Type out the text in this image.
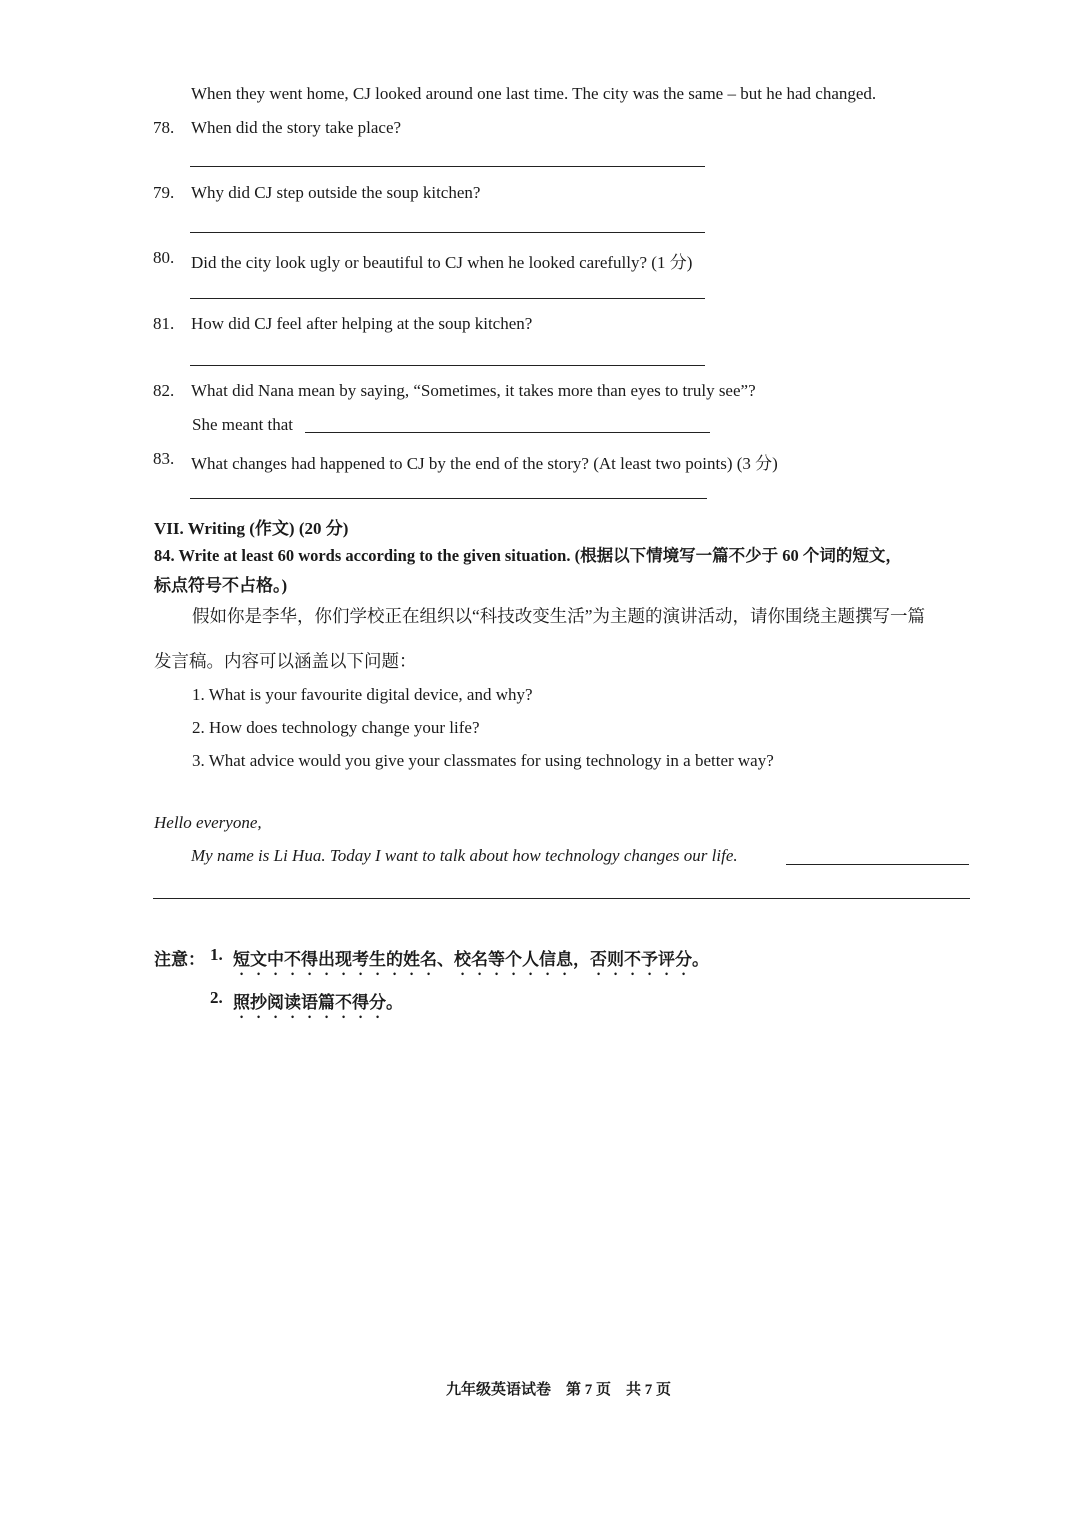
When they went home, CJ looked around one last time. The city was the same – but he had changed.
78. When did the story take place?
79. Why did CJ step outside the soup kitchen?
80. Did the city look ugly or beautiful to CJ when he looked carefully? (1 分)
81. How did CJ feel after helping at the soup kitchen?
82. What did Nana mean by saying, “Sometimes, it takes more than eyes to truly see”?
She meant that
83. What changes had happened to CJ by the end of the story? (At least two points) (3 分)
VII. Writing (作文) (20 分)
84. Write at least 60 words according to the given situation. (根据以下情境写一篇不少于 60 个词的短文，
标点符号不占格。)
假如你是李华，你们学校正在组织以“科技改变生活”为主题的演讲活动，请你围绕主题撰写一篇
发言稿。内容可以涵盖以下问题：
1. What is your favourite digital device, and why?
2. How does technology change your life?
3. What advice would you give your classmates for using technology in a better way?
Hello everyone,
My name is Li Hua. Today I want to talk about how technology changes our life.
注意： 1. 短文中不得出现考生的姓名、校名等个人信息，否则不予评分。
2. 照抄阅读语篇不得分。
九年级英语试卷　第 7 页　共 7 页
